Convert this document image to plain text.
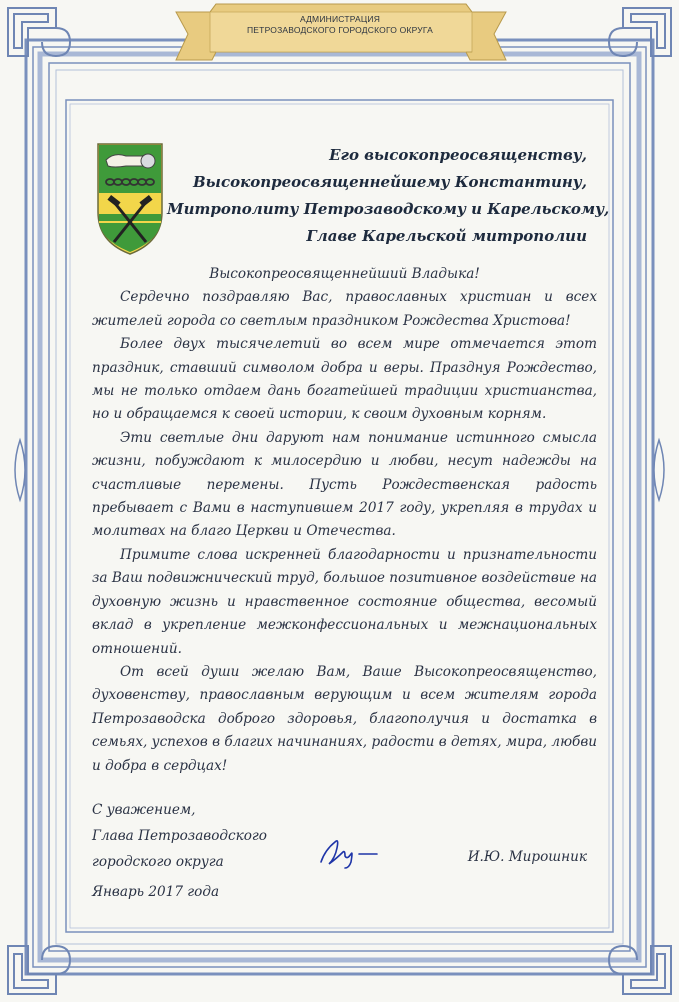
АДМИНИСТРАЦИЯ
ПЕТРОЗАВОДСКОГО ГОРОДСКОГО ОКРУГА
Его высокопреосвященству,
Высокопреосвященнейшему Константину,
Митрополиту Петрозаводскому и Карельскому,
Главе Карельской митрополии
Высокопреосвященнейший Владыка!

Сердечно поздравляю Вас, православных христиан и всех жителей города со светлым праздником Рождества Христова!

Более двух тысячелетий во всем мире отмечается этот праздник, ставший символом добра и веры. Празднуя Рождество, мы не только отдаем дань богатейшей традиции христианства, но и обращаемся к своей истории, к своим духовным корням.

Эти светлые дни даруют нам понимание истинного смысла жизни, побуждают к милосердию и любви, несут надежды на счастливые перемены. Пусть Рождественская радость пребывает с Вами в наступившем 2017 году, укрепляя в трудах и молитвах на благо Церкви и Отечества.

Примите слова искренней благодарности и признательности за Ваш подвижнический труд, большое позитивное воздействие на духовную жизнь и нравственное состояние общества, весомый вклад в укрепление межконфессиональных и межнациональных отношений.

От всей души желаю Вам, Ваше Высокопреосвященство, духовенству, православным верующим и всем жителям города Петрозаводска доброго здоровья, благополучия и достатка в семьях, успехов в благих начинаниях, радости в детях, мира, любви и добра в сердцах!

С уважением,
Глава Петрозаводского
городского округа	И.Ю. Мирошник
Январь 2017 года
